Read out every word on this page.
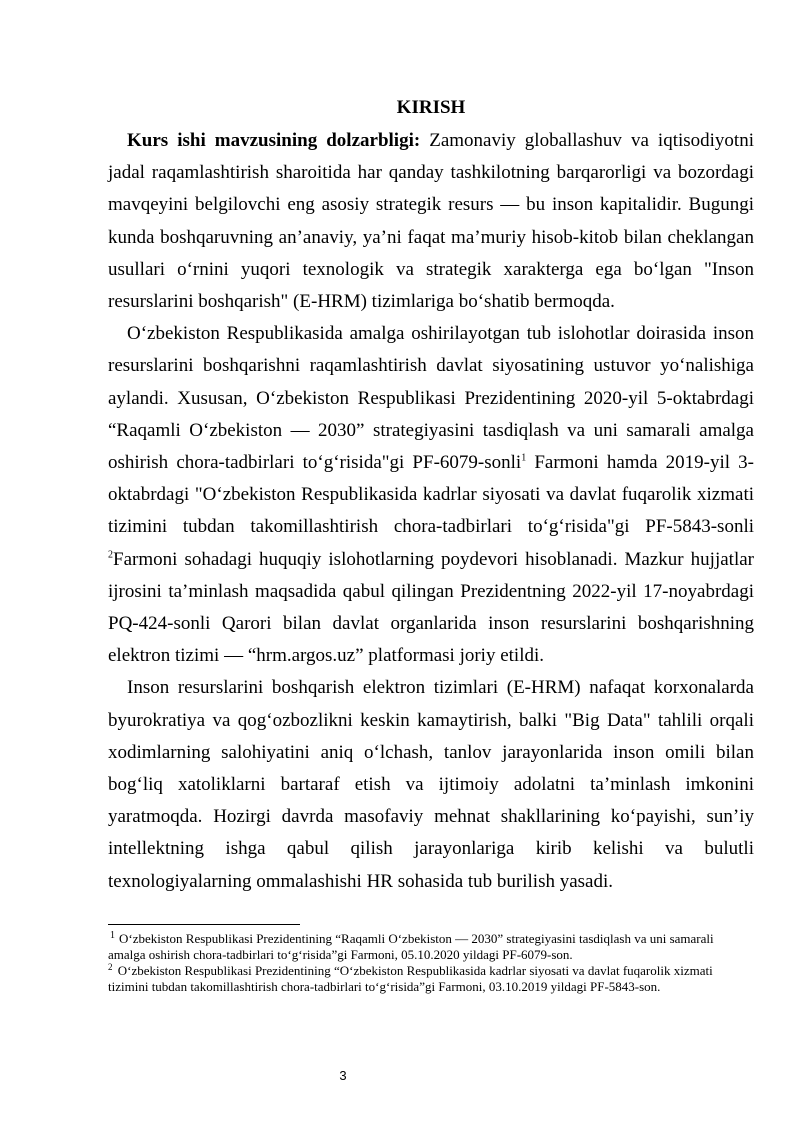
KIRISH

Kurs ishi mavzusining dolzarbligi: Zamonaviy globallashuv va iqtisodiyotni jadal raqamlashtirish sharoitida har qanday tashkilotning barqarorligi va bozordagi mavqeyini belgilovchi eng asosiy strategik resurs — bu inson kapitalidir. Bugungi kunda boshqaruvning an’anaviy, ya’ni faqat ma’muriy hisob-kitob bilan cheklangan usullari o‘rnini yuqori texnologik va strategik xarakterga ega bo‘lgan "Inson resurslarini boshqarish" (E-HRM) tizimlariga bo‘shatib bermoqda.

O‘zbekiston Respublikasida amalga oshirilayotgan tub islohotlar doirasida inson resurslarini boshqarishni raqamlashtirish davlat siyosatining ustuvor yo‘nalishiga aylandi. Xususan, O‘zbekiston Respublikasi Prezidentining 2020-yil 5-oktabrdagi “Raqamli O‘zbekiston — 2030” strategiyasini tasdiqlash va uni samarali amalga oshirish chora-tadbirlari to‘g‘risida"gi PF-6079-sonli$^1$ Farmoni hamda 2019-yil 3-oktabrdagi "O‘zbekiston Respublikasida kadrlar siyosati va davlat fuqarolik xizmati tizimini tubdan takomillashtirish chora-tadbirlari to‘g‘risida"gi PF-5843-sonli $^2$Farmoni sohadagi huquqiy islohotlarning poydevori hisoblanadi. Mazkur hujjatlar ijrosini ta’minlash maqsadida qabul qilingan Prezidentning 2022-yil 17-noyabrdagi PQ-424-sonli Qarori bilan davlat organlarida inson resurslarini boshqarishning elektron tizimi — “hrm.argos.uz” platformasi joriy etildi.

Inson resurslarini boshqarish elektron tizimlari (E-HRM) nafaqat korxonalarda byurokratiya va qog‘ozbozlikni keskin kamaytirish, balki "Big Data" tahlili orqali xodimlarning salohiyatini aniq o‘lchash, tanlov jarayonlarida inson omili bilan bog‘liq xatoliklarni bartaraf etish va ijtimoiy adolatni ta’minlash imkonini yaratmoqda. Hozirgi davrda masofaviy mehnat shakllarining ko‘payishi, sun’iy intellektning ishga qabul qilish jarayonlariga kirib kelishi va bulutli texnologiyalarning ommalashishi HR sohasida tub burilish yasadi.

$^1$ O‘zbekiston Respublikasi Prezidentining “Raqamli O‘zbekiston — 2030” strategiyasini tasdiqlash va uni samarali amalga oshirish chora-tadbirlari to‘g‘risida”gi Farmoni, 05.10.2020 yildagi PF-6079-son.

$^2$ O‘zbekiston Respublikasi Prezidentining “O‘zbekiston Respublikasida kadrlar siyosati va davlat fuqarolik xizmati tizimini tubdan takomillashtirish chora-tadbirlari to‘g‘risida”gi Farmoni, 03.10.2019 yildagi PF-5843-son.

3
